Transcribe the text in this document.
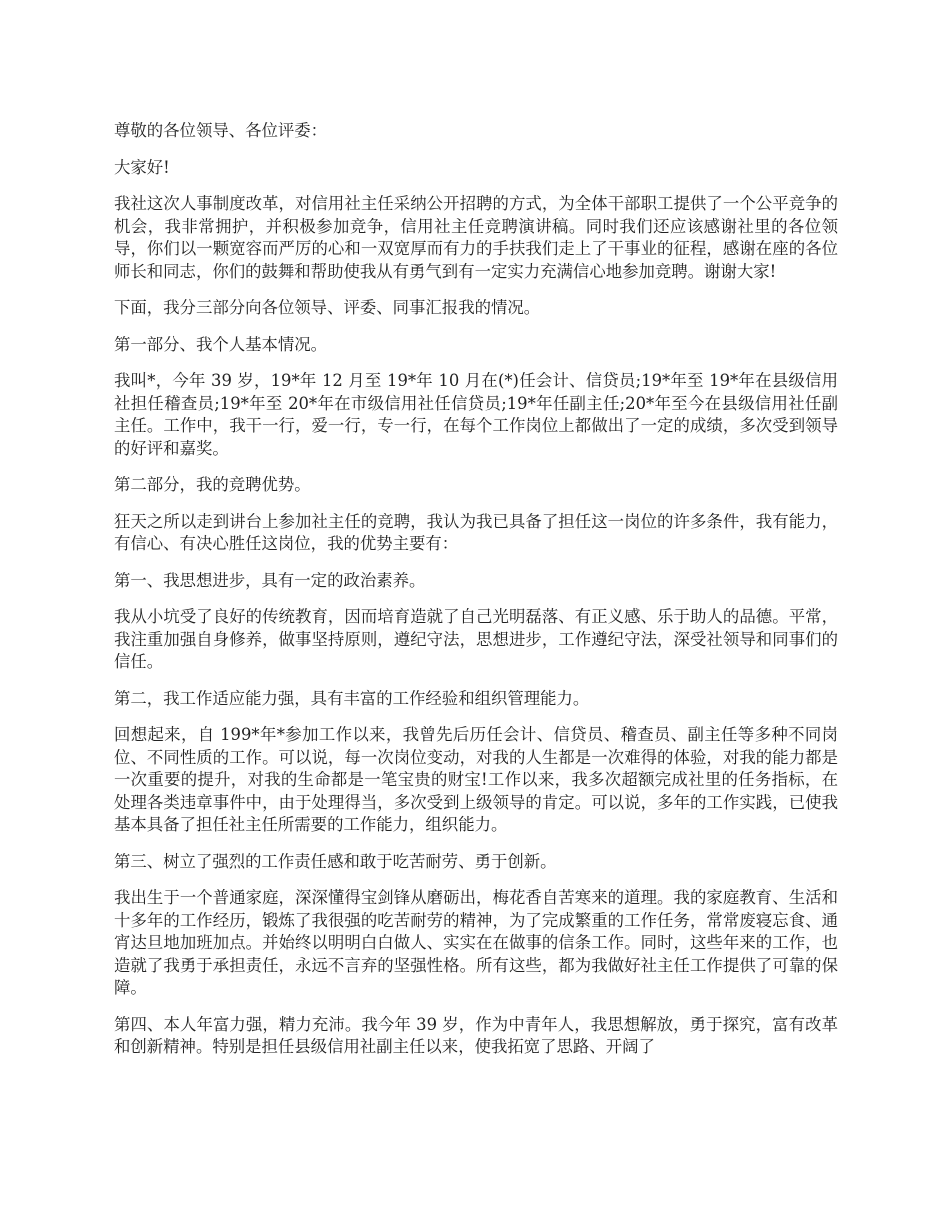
尊敬的各位领导、各位评委：

大家好!

我社这次人事制度改革，对信用社主任采纳公开招聘的方式，为全体干部职工提供了一个公平竞争的机会，我非常拥护，并积极参加竞争，信用社主任竞聘演讲稿。同时我们还应该感谢社里的各位领导，你们以一颗宽容而严厉的心和一双宽厚而有力的手扶我们走上了干事业的征程，感谢在座的各位师长和同志，你们的鼓舞和帮助使我从有勇气到有一定实力充满信心地参加竞聘。谢谢大家!

下面，我分三部分向各位领导、评委、同事汇报我的情况。

第一部分、我个人基本情况。

我叫*，今年 39 岁，19*年 12 月至 19*年 10 月在(*)任会计、信贷员;19*年至 19*年在县级信用社担任稽查员;19*年至 20*年在市级信用社任信贷员;19*年任副主任;20*年至今在县级信用社任副主任。工作中，我干一行，爱一行，专一行，在每个工作岗位上都做出了一定的成绩，多次受到领导的好评和嘉奖。

第二部分，我的竞聘优势。

狂天之所以走到讲台上参加社主任的竞聘，我认为我已具备了担任这一岗位的许多条件，我有能力，有信心、有决心胜任这岗位，我的优势主要有：

第一、我思想进步，具有一定的政治素养。

我从小坑受了良好的传统教育，因而培育造就了自己光明磊落、有正义感、乐于助人的品德。平常，我注重加强自身修养，做事坚持原则，遵纪守法，思想进步，工作遵纪守法，深受社领导和同事们的信任。

第二，我工作适应能力强，具有丰富的工作经验和组织管理能力。

回想起来，自 199*年*参加工作以来，我曾先后历任会计、信贷员、稽查员、副主任等多种不同岗位、不同性质的工作。可以说，每一次岗位变动，对我的人生都是一次难得的体验，对我的能力都是一次重要的提升，对我的生命都是一笔宝贵的财宝!工作以来，我多次超额完成社里的任务指标，在处理各类违章事件中，由于处理得当，多次受到上级领导的肯定。可以说，多年的工作实践，已使我基本具备了担任社主任所需要的工作能力，组织能力。

第三、树立了强烈的工作责任感和敢于吃苦耐劳、勇于创新。

我出生于一个普通家庭，深深懂得宝剑锋从磨砺出，梅花香自苦寒来的道理。我的家庭教育、生活和十多年的工作经历，锻炼了我很强的吃苦耐劳的精神，为了完成繁重的工作任务，常常废寝忘食、通宵达旦地加班加点。并始终以明明白白做人、实实在在做事的信条工作。同时，这些年来的工作，也造就了我勇于承担责任，永远不言弃的坚强性格。所有这些，都为我做好社主任工作提供了可靠的保障。

第四、本人年富力强，精力充沛。我今年 39 岁，作为中青年人，我思想解放，勇于探究，富有改革和创新精神。特别是担任县级信用社副主任以来，使我拓宽了思路、开阔了
